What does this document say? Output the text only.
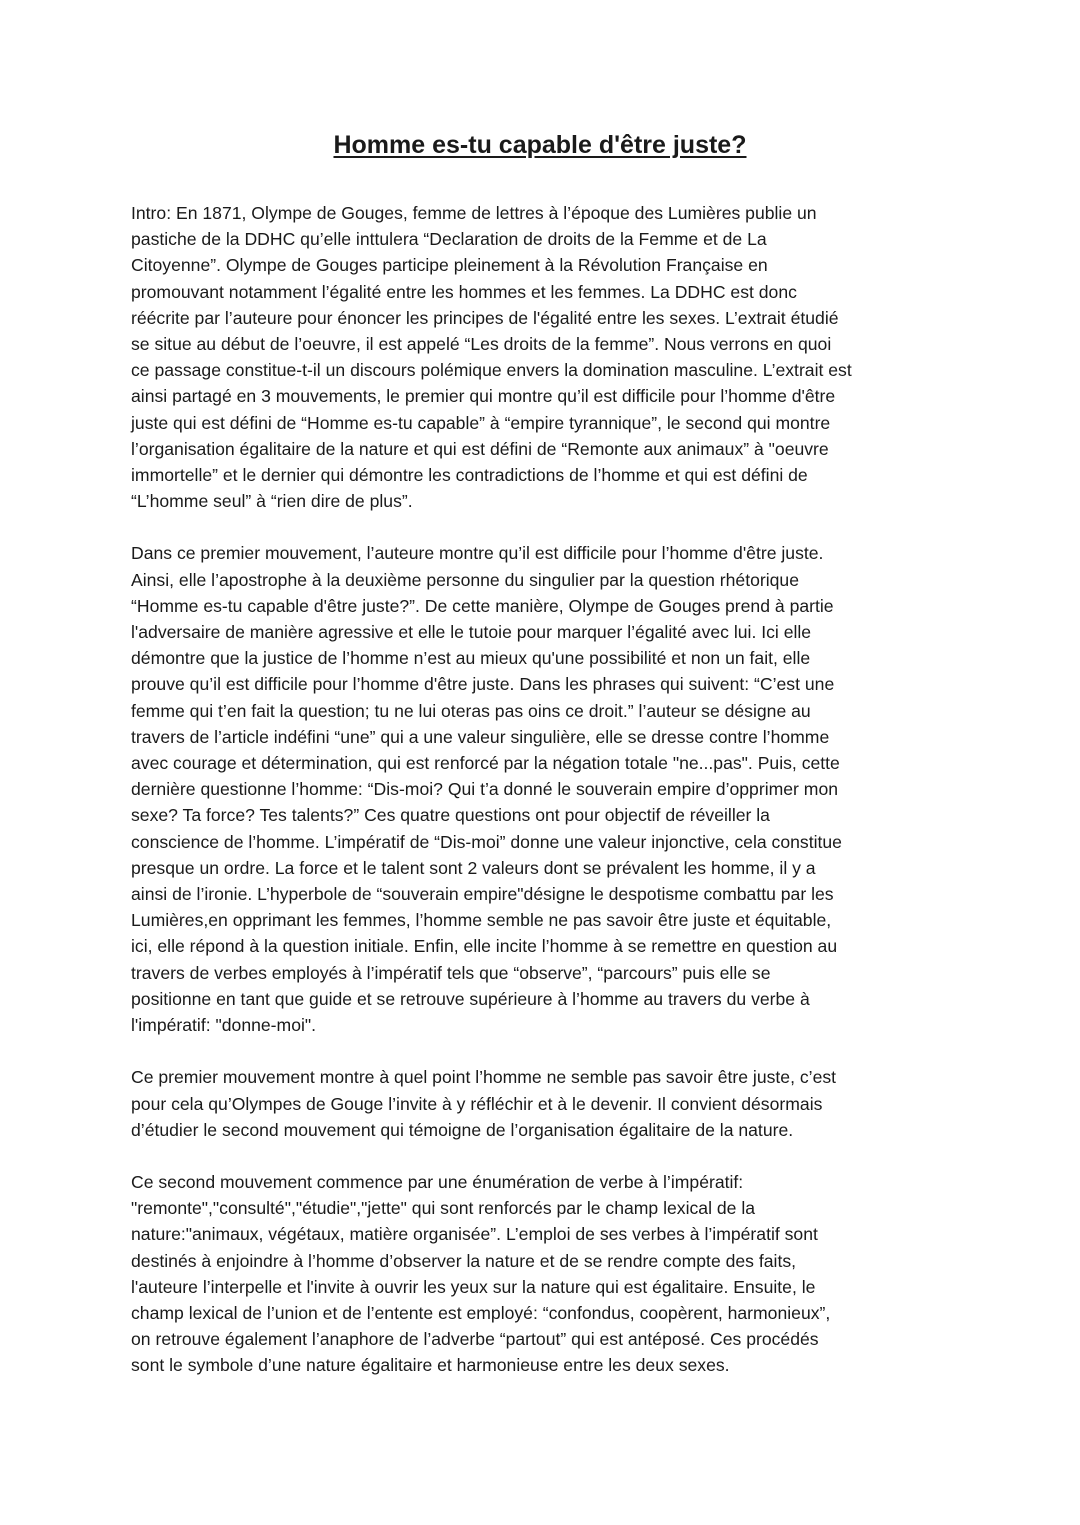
Homme es-tu capable d'être juste?

Intro: En 1871, Olympe de Gouges, femme de lettres à l’époque des Lumières publie un
pastiche de la DDHC qu’elle inttulera “Declaration de droits de la Femme et de La
Citoyenne”. Olympe de Gouges participe pleinement à la Révolution Française en
promouvant notamment l’égalité entre les hommes et les femmes. La DDHC est donc
réécrite par l’auteure pour énoncer les principes de l'égalité entre les sexes. L’extrait étudié
se situe au début de l’oeuvre, il est appelé “Les droits de la femme”. Nous verrons en quoi
ce passage constitue-t-il un discours polémique envers la domination masculine. L’extrait est
ainsi partagé en 3 mouvements, le premier qui montre qu’il est difficile pour l’homme d'être
juste qui est défini de “Homme es-tu capable” à “empire tyrannique”, le second qui montre
l’organisation égalitaire de la nature et qui est défini de “Remonte aux animaux” à "oeuvre
immortelle” et le dernier qui démontre les contradictions de l’homme et qui est défini de
“L’homme seul” à “rien dire de plus”.

Dans ce premier mouvement, l’auteure montre qu’il est difficile pour l’homme d'être juste.
Ainsi, elle l’apostrophe à la deuxième personne du singulier par la question rhétorique
“Homme es-tu capable d'être juste?”. De cette manière, Olympe de Gouges prend à partie
l'adversaire de manière agressive et elle le tutoie pour marquer l’égalité avec lui. Ici elle
démontre que la justice de l’homme n’est au mieux qu'une possibilité et non un fait, elle
prouve qu’il est difficile pour l’homme d'être juste. Dans les phrases qui suivent: “C’est une
femme qui t’en fait la question; tu ne lui oteras pas oins ce droit.” l’auteur se désigne au
travers de l’article indéfini “une” qui a une valeur singulière, elle se dresse contre l’homme
avec courage et détermination, qui est renforcé par la négation totale "ne...pas". Puis, cette
dernière questionne l’homme: “Dis-moi? Qui t’a donné le souverain empire d’opprimer mon
sexe? Ta force? Tes talents?” Ces quatre questions ont pour objectif de réveiller la
conscience de l’homme. L’impératif de “Dis-moi” donne une valeur injonctive, cela constitue
presque un ordre. La force et le talent sont 2 valeurs dont se prévalent les homme, il y a
ainsi de l’ironie. L’hyperbole de “souverain empire"désigne le despotisme combattu par les
Lumières,en opprimant les femmes, l’homme semble ne pas savoir être juste et équitable,
ici, elle répond à la question initiale. Enfin, elle incite l’homme à se remettre en question au
travers de verbes employés à l’impératif tels que “observe”, “parcours” puis elle se
positionne en tant que guide et se retrouve supérieure à l’homme au travers du verbe à
l'impératif: "donne-moi".

Ce premier mouvement montre à quel point l’homme ne semble pas savoir être juste, c’est
pour cela qu’Olympes de Gouge l’invite à y réfléchir et à le devenir. Il convient désormais
d’étudier le second mouvement qui témoigne de l’organisation égalitaire de la nature.

Ce second mouvement commence par une énumération de verbe à l’impératif:
"remonte","consulté","étudie","jette" qui sont renforcés par le champ lexical de la
nature:"animaux, végétaux, matière organisée”. L’emploi de ses verbes à l’impératif sont
destinés à enjoindre à l’homme d’observer la nature et de se rendre compte des faits,
l'auteure l’interpelle et l'invite à ouvrir les yeux sur la nature qui est égalitaire. Ensuite, le
champ lexical de l’union et de l’entente est employé: “confondus, coopèrent, harmonieux”,
on retrouve également l’anaphore de l’adverbe “partout” qui est antéposé. Ces procédés
sont le symbole d’une nature égalitaire et harmonieuse entre les deux sexes.
